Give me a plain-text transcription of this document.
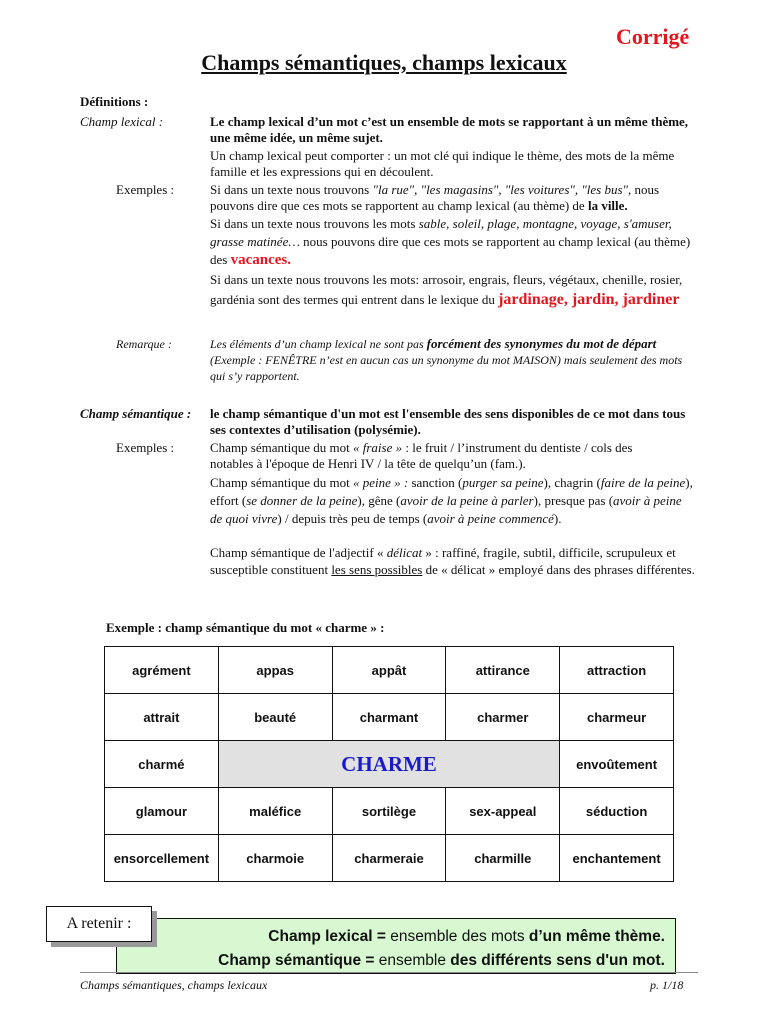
Corrigé
Champs sémantiques, champs lexicaux
Définitions :
Champ lexical :	Le champ lexical d’un mot c’est un ensemble de mots se rapportant à un même thème, une même idée, un même sujet.
Un champ lexical peut comporter : un mot clé qui indique le thème, des mots de la même famille et les expressions qui en découlent.
Exemples :	Si dans un texte nous trouvons "la rue", "les magasins", "les voitures", "les bus", nous pouvons dire que ces mots se rapportent au champ lexical (au thème) de la ville.
Si dans un texte nous trouvons les mots sable, soleil, plage, montagne, voyage, s'amuser, grasse matinée… nous pouvons dire que ces mots se rapportent au champ lexical (au thème) des vacances.
Si dans un texte nous trouvons les mots: arrosoir, engrais, fleurs, végétaux, chenille, rosier, gardénia sont des termes qui entrent dans le lexique du jardinage, jardin, jardiner
Remarque :	Les éléments d’un champ lexical ne sont pas forcément des synonymes du mot de départ (Exemple : FENÊTRE n’est en aucun cas un synonyme du mot MAISON) mais seulement des mots qui s’y rapportent.
Champ sémantique : le champ sémantique d'un mot est l'ensemble des sens disponibles de ce mot dans tous ses contextes d’utilisation (polysémie).
Exemples :	Champ sémantique du mot « fraise » : le fruit / l’instrument du dentiste / cols des notables à l'époque de Henri IV / la tête de quelqu’un (fam.).
Champ sémantique du mot « peine » : sanction (purger sa peine), chagrin (faire de la peine), effort (se donner de la peine), gêne (avoir de la peine à parler), presque pas (avoir à peine de quoi vivre) / depuis très peu de temps (avoir à peine commencé).
Champ sémantique de l'adjectif « délicat » : raffiné, fragile, subtil, difficile, scrupuleux et susceptible constituent les sens possibles de « délicat » employé dans des phrases différentes.
Exemple : champ sémantique du mot « charme » :
agrément	appas	appât	attirance	attraction
attrait	beauté	charmant	charmer	charmeur
charmé	CHARME			envoûtement
glamour	maléfice	sortilège	sex-appeal	séduction
ensorcellement	charmoie	charmeraie	charmille	enchantement
Champ lexical = ensemble des mots d’un même thème.
Champ sémantique = ensemble des différents sens d'un mot.
A retenir :
Champs sémantiques, champs lexicaux	p. 1/18
